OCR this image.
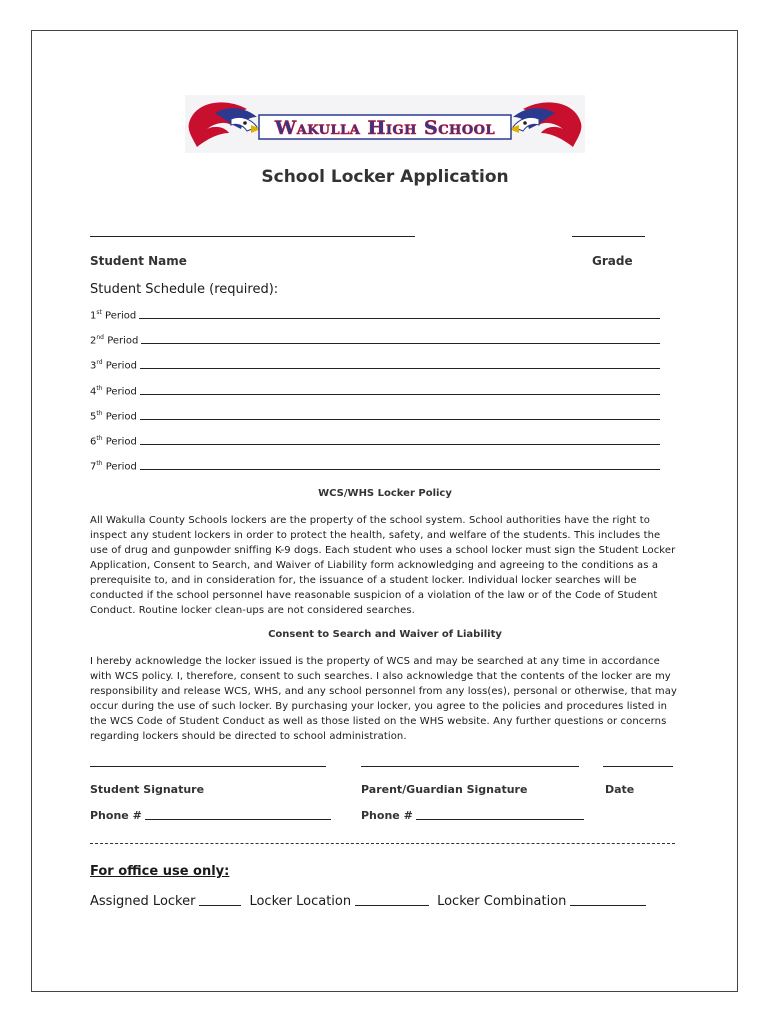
Wakulla High School
School Locker Application
Student Name	Grade
Student Schedule (required):
1st Period
2nd Period
3rd Period
4th Period
5th Period
6th Period
7th Period
WCS/WHS Locker Policy
All Wakulla County Schools lockers are the property of the school system. School authorities have the right to inspect any student lockers in order to protect the health, safety, and welfare of the students. This includes the use of drug and gunpowder sniffing K-9 dogs. Each student who uses a school locker must sign the Student Locker Application, Consent to Search, and Waiver of Liability form acknowledging and agreeing to the conditions as a prerequisite to, and in consideration for, the issuance of a student locker. Individual locker searches will be conducted if the school personnel have reasonable suspicion of a violation of the law or of the Code of Student Conduct. Routine locker clean-ups are not considered searches.
Consent to Search and Waiver of Liability
I hereby acknowledge the locker issued is the property of WCS and may be searched at any time in accordance with WCS policy. I, therefore, consent to such searches. I also acknowledge that the contents of the locker are my responsibility and release WCS, WHS, and any school personnel from any loss(es), personal or otherwise, that may occur during the use of such locker. By purchasing your locker, you agree to the policies and procedures listed in the WCS Code of Student Conduct as well as those listed on the WHS website. Any further questions or concerns regarding lockers should be directed to school administration.
Student Signature	Parent/Guardian Signature	Date
Phone #	Phone #
For office use only:
Assigned Locker	Locker Location	Locker Combination
